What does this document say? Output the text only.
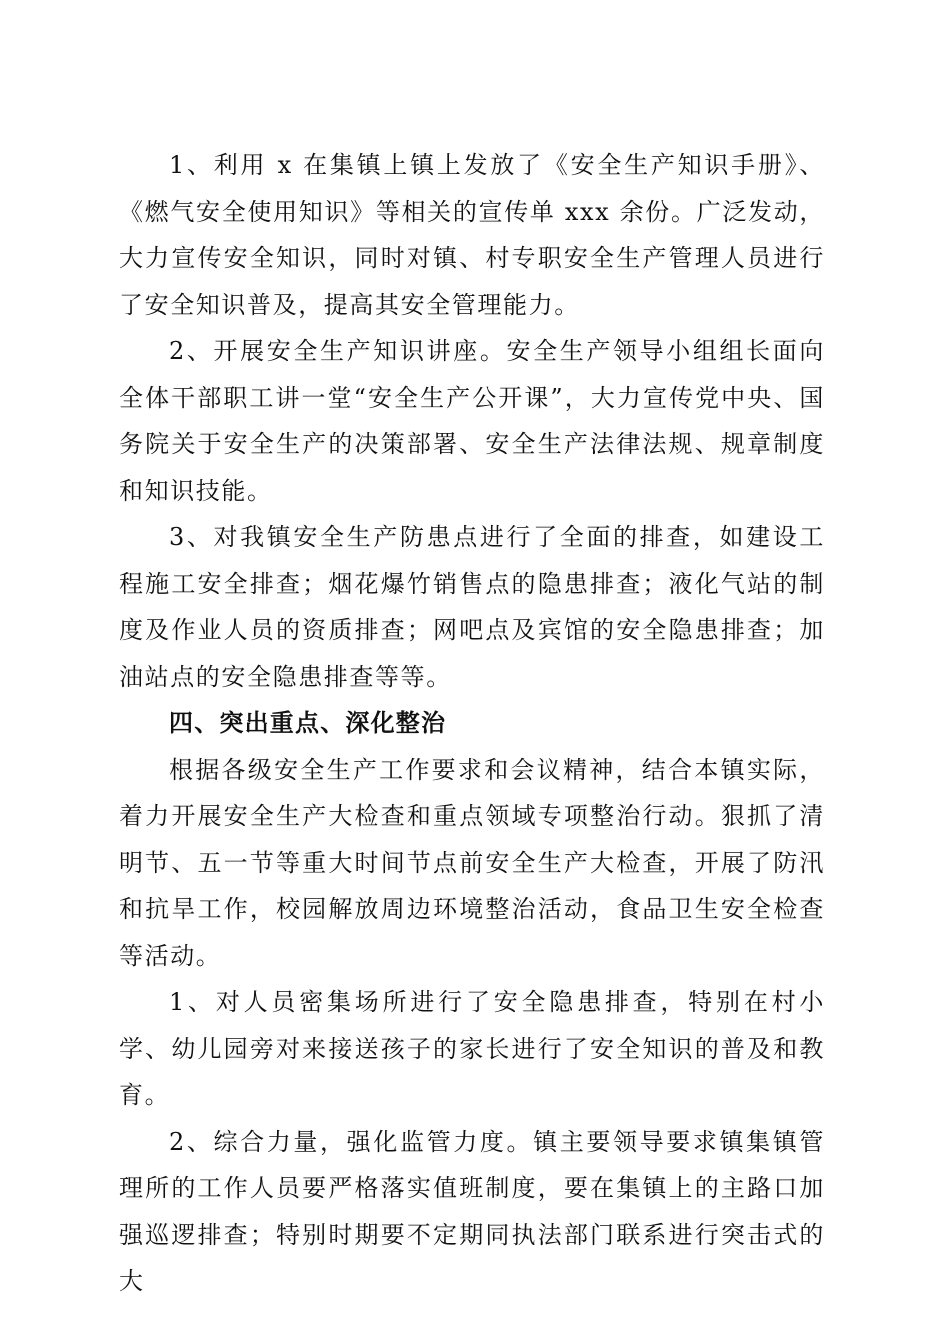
1、利用 x 在集镇上镇上发放了《安全生产知识手册》、《燃气安全使用知识》等相关的宣传单 xxx 余份。广泛发动，大力宣传安全知识，同时对镇、村专职安全生产管理人员进行了安全知识普及，提高其安全管理能力。

2、开展安全生产知识讲座。安全生产领导小组组长面向全体干部职工讲一堂“安全生产公开课”，大力宣传党中央、国务院关于安全生产的决策部署、安全生产法律法规、规章制度和知识技能。

3、对我镇安全生产防患点进行了全面的排查，如建设工程施工安全排查；烟花爆竹销售点的隐患排查；液化气站的制度及作业人员的资质排查；网吧点及宾馆的安全隐患排查；加油站点的安全隐患排查等等。

四、突出重点、深化整治

根据各级安全生产工作要求和会议精神，结合本镇实际，着力开展安全生产大检查和重点领域专项整治行动。狠抓了清明节、五一节等重大时间节点前安全生产大检查，开展了防汛和抗旱工作，校园解放周边环境整治活动，食品卫生安全检查等活动。

1、对人员密集场所进行了安全隐患排查，特别在村小学、幼儿园旁对来接送孩子的家长进行了安全知识的普及和教育。

2、综合力量，强化监管力度。镇主要领导要求镇集镇管理所的工作人员要严格落实值班制度，要在集镇上的主路口加强巡逻排查；特别时期要不定期同执法部门联系进行突击式的大
